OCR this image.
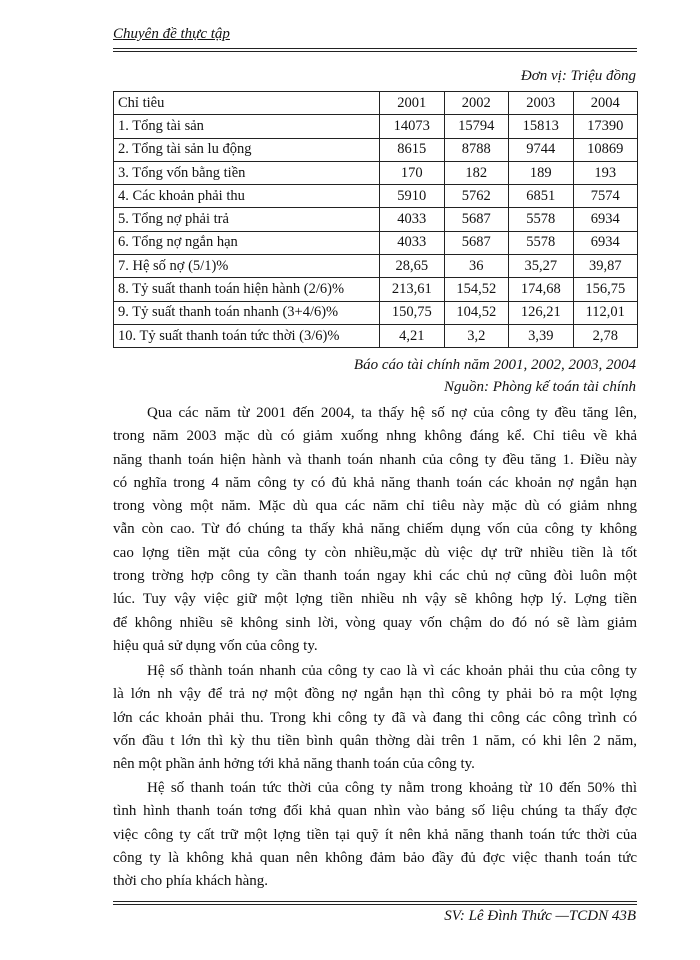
Chuyên đề thực tập
Đơn vị: Triệu đồng
Chỉ tiêu	2001	2002	2003	2004
1. Tổng tài sản	14073	15794	15813	17390
2. Tổng tài sản lu động	8615	8788	9744	10869
3. Tổng vốn bằng tiền	170	182	189	193
4. Các khoản phải thu	5910	5762	6851	7574
5. Tổng nợ phải trả	4033	5687	5578	6934
6. Tổng nợ ngắn hạn	4033	5687	5578	6934
7. Hệ số nợ (5/1)%	28,65	36	35,27	39,87
8. Tỷ suất thanh toán hiện hành (2/6)%	213,61	154,52	174,68	156,75
9. Tỷ suất thanh toán nhanh (3+4/6)%	150,75	104,52	126,21	112,01
10. Tỷ suất thanh toán tức thời (3/6)%	4,21	3,2	3,39	2,78
Báo cáo tài chính năm 2001, 2002, 2003, 2004
Nguồn: Phòng kế toán tài chính
Qua các năm từ 2001 đến 2004, ta thấy hệ số nợ của công ty đều tăng lên,
trong năm 2003 mặc dù có giảm xuống nhng không đáng kể. Chỉ tiêu về khả
năng thanh toán hiện hành và thanh toán nhanh của công ty đều tăng 1. Điều này
có nghĩa trong 4 năm công ty có đủ khả năng thanh toán các khoản nợ ngắn hạn
trong vòng một năm. Mặc dù qua các năm chỉ tiêu này mặc dù có giảm nhng
vẫn còn cao. Từ đó chúng ta thấy khả năng chiếm dụng vốn của công ty không
cao lợng tiền mặt của công ty còn nhiều,mặc dù việc dự trữ nhiều tiền là tốt
trong trờng hợp công ty cần thanh toán ngay khi các chủ nợ cũng đòi luôn một
lúc. Tuy vậy việc giữ một lợng tiền nhiều nh vậy sẽ không hợp lý. Lợng tiền
để không nhiều sẽ không sinh lời, vòng quay vốn chậm do đó nó sẽ làm giảm
hiệu quả sử dụng vốn của công ty.
Hệ số thành toán nhanh của công ty cao là vì các khoản phải thu của công ty
là lớn nh vậy để trả nợ một đồng nợ ngắn hạn thì công ty phải bỏ ra một lợng
lớn các khoản phải thu. Trong khi công ty đã và đang thi công các công trình có
vốn đầu t lớn thì kỳ thu tiền bình quân thờng dài trên 1 năm, có khi lên 2 năm,
nên một phần ảnh hởng tới khả năng thanh toán của công ty.
Hệ số thanh toán tức thời của công ty nằm trong khoảng từ 10 đến 50% thì
tình hình thanh toán tơng đối khả quan nhìn vào bảng số liệu chúng ta thấy đợc
việc công ty cất trữ một lợng tiền tại quỹ ít nên khả năng thanh toán tức thời của
công ty là không khả quan nên không đảm bảo đầy đủ đợc việc thanh toán tức
thời cho phía khách hàng.
SV: Lê Đình Thức —TCDN 43B
